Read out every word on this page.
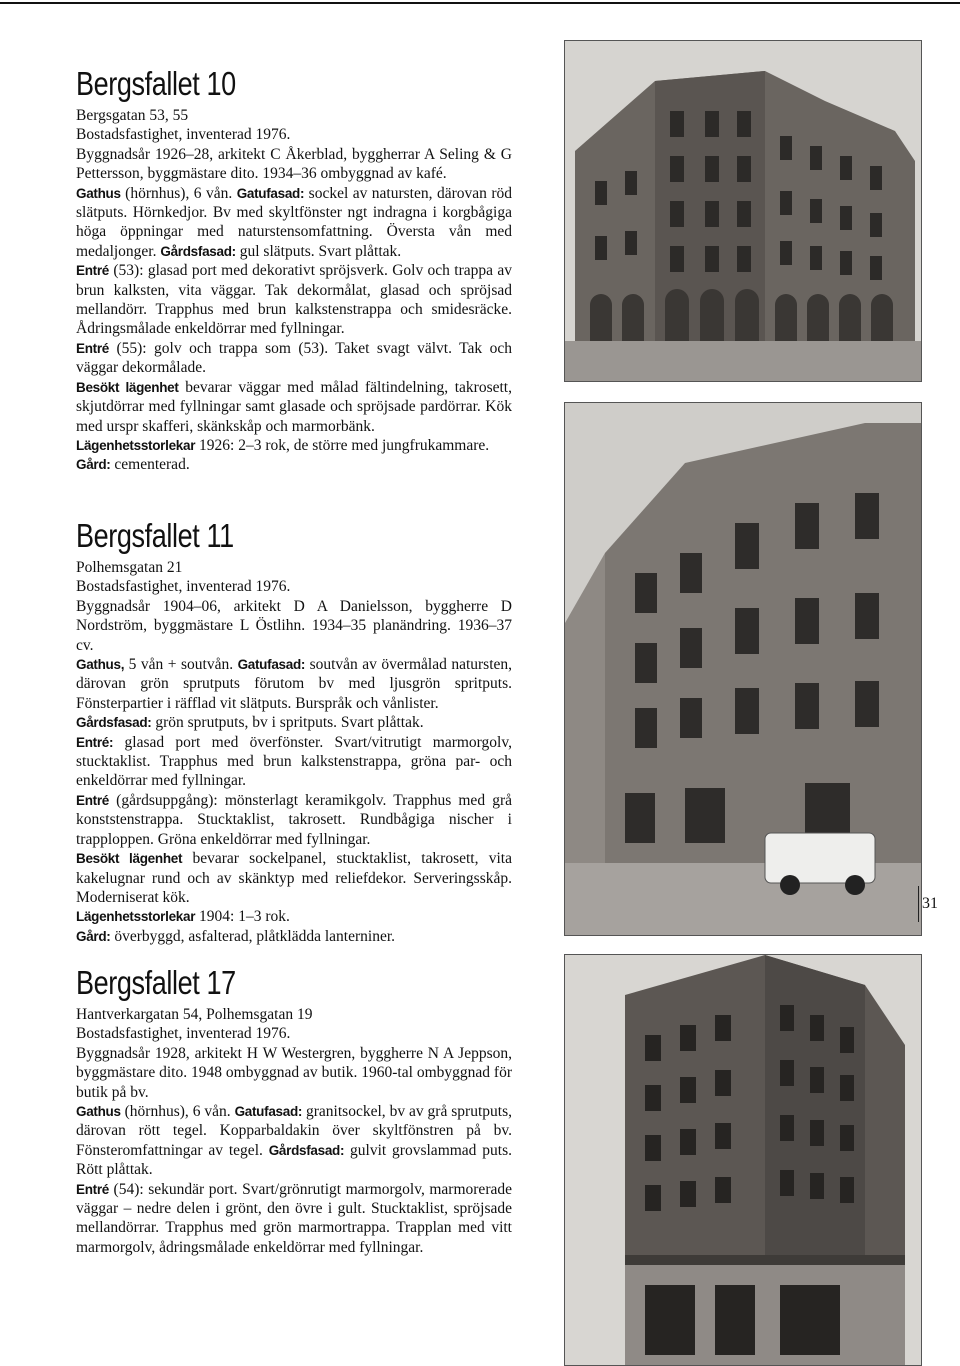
Bergsfallet 10

Bergsgatan 53, 55

Bostadsfastighet, inventerad 1976.

Byggnadsår 1926–28, arkitekt C Åkerblad, byggherrar A Seling & G Pettersson, byggmästare dito. 1934–36 ombyggnad av kafé.

Gathus (hörnhus), 6 vån. Gatufasad: sockel av natursten, därovan röd slätputs. Hörnkedjor. Bv med skyltfönster ngt indragna i korgbågiga höga öppningar med naturstensomfattning. Översta vån med medaljonger. Gårdsfasad: gul slätputs. Svart plåttak.

Entré (53): glasad port med dekorativt spröjsverk. Golv och trappa av brun kalksten, vita väggar. Tak dekormålat, glasad och spröjsad mellandörr. Trapphus med brun kalkstenstrappa och smidesräcke. Ådringsmålade enkeldörrar med fyllningar.

Entré (55): golv och trappa som (53). Taket svagt välvt. Tak och väggar dekormålade.

Besökt lägenhet bevarar väggar med målad fältindelning, takrosett, skjutdörrar med fyllningar samt glasade och spröjsade pardörrar. Kök med urspr skafferi, skänkskåp och marmorbänk.

Lägenhetsstorlekar 1926: 2–3 rok, de större med jungfrukammare.

Gård: cementerad.

Bergsfallet 11

Polhemsgatan 21

Bostadsfastighet, inventerad 1976.

Byggnadsår 1904–06, arkitekt D A Danielsson, byggherre D Nordström, byggmästare L Östlihn. 1934–35 planändring. 1936–37 cv.

Gathus, 5 vån + soutvån. Gatufasad: soutvån av övermålad natursten, därovan grön sprutputs förutom bv med ljusgrön spritputs. Fönsterpartier i räfflad vit slätputs. Burspråk och vånlister.

Gårdsfasad: grön sprutputs, bv i spritputs. Svart plåttak.

Entré: glasad port med överfönster. Svart/vitrutigt marmorgolv, stucktaklist. Trapphus med brun kalkstenstrappa, gröna par- och enkeldörrar med fyllningar.

Entré (gårdsuppgång): mönsterlagt keramikgolv. Trapphus med grå konststenstrappa. Stucktaklist, takrosett. Rundbågiga nischer i trapploppen. Gröna enkeldörrar med fyllningar.

Besökt lägenhet bevarar sockelpanel, stucktaklist, takrosett, vita kakelugnar rund och av skänktyp med reliefdekor. Serveringsskåp. Moderniserat kök.

Lägenhetsstorlekar 1904: 1–3 rok.

Gård: överbyggd, asfalterad, plåtklädda lanterniner.

Bergsfallet 17

Hantverkargatan 54, Polhemsgatan 19

Bostadsfastighet, inventerad 1976.

Byggnadsår 1928, arkitekt H W Westergren, byggherre N A Jeppson, byggmästare dito. 1948 ombyggnad av butik. 1960-tal ombyggnad för butik på bv.

Gathus (hörnhus), 6 vån. Gatufasad: granitsockel, bv av grå sprutputs, därovan rött tegel. Kopparbaldakin över skyltfönstren på bv. Fönsteromfattningar av tegel. Gårdsfasad: gulvit grovslammad puts. Rött plåttak.

Entré (54): sekundär port. Svart/grönrutigt marmorgolv, marmorerade väggar – nedre delen i grönt, den övre i gult. Stucktaklist, spröjsade mellandörrar. Trapphus med grön marmortrappa. Trapplan med vitt marmorgolv, ådringsmålade enkeldörrar med fyllningar.

31
